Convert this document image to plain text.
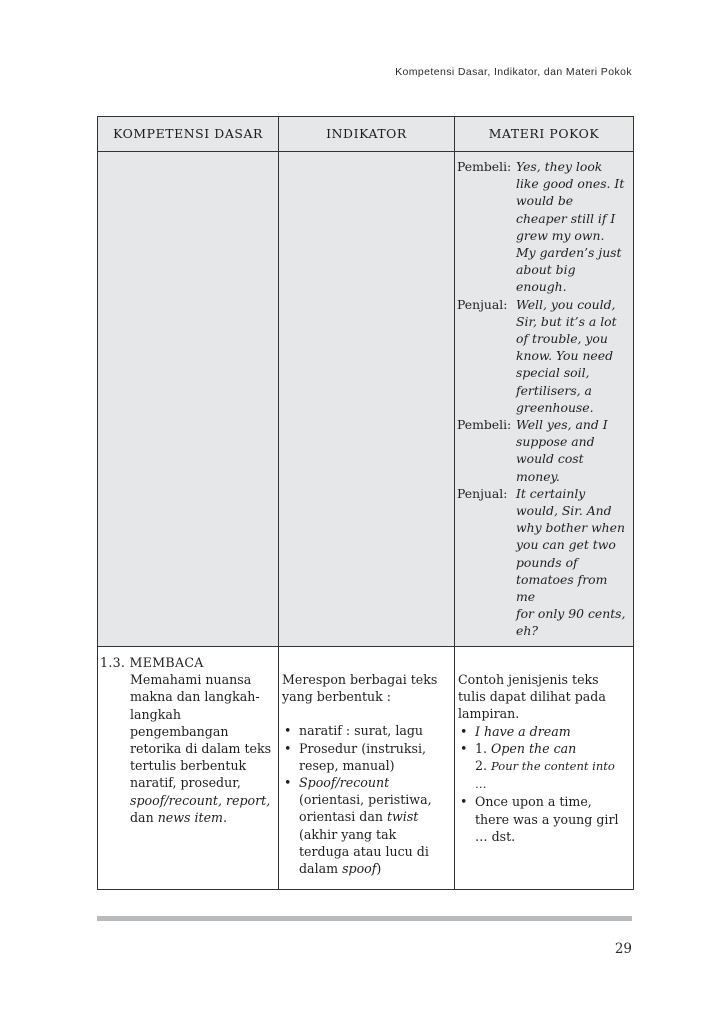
Kompetensi Dasar, Indikator, dan Materi Pokok
KOMPETENSI DASAR	INDIKATOR	MATERI POKOK
Pembeli: Yes, they look
like good ones. It
would be
cheaper still if I
grew my own.
My garden’s just
about big
enough.
Penjual: Well, you could,
Sir, but it’s a lot
of trouble, you
know. You need
special soil,
fertilisers, a
greenhouse.
Pembeli: Well yes, and I
suppose and
would cost
money.
Penjual: It certainly
would, Sir. And
why bother when
you can get two
pounds of
tomatoes from me
for only 90 cents,
eh?
1.3. MEMBACA
Memahami nuansa
makna dan langkah-
langkah
pengembangan
retorika di dalam teks
tertulis berbentuk
naratif, prosedur,
spoof/recount, report,
dan news item.
Merespon berbagai teks
yang berbentuk :
• naratif : surat, lagu
• Prosedur (instruksi,
resep, manual)
• Spoof/recount
(orientasi, peristiwa,
orientasi dan twist
(akhir yang tak
terduga atau lucu di
dalam spoof)
Contoh jenisjenis teks
tulis dapat dilihat pada
lampiran.
• I have a dream
• 1. Open the can
2. Pour the content into …
• Once upon a time,
there was a young girl
… dst.
29
